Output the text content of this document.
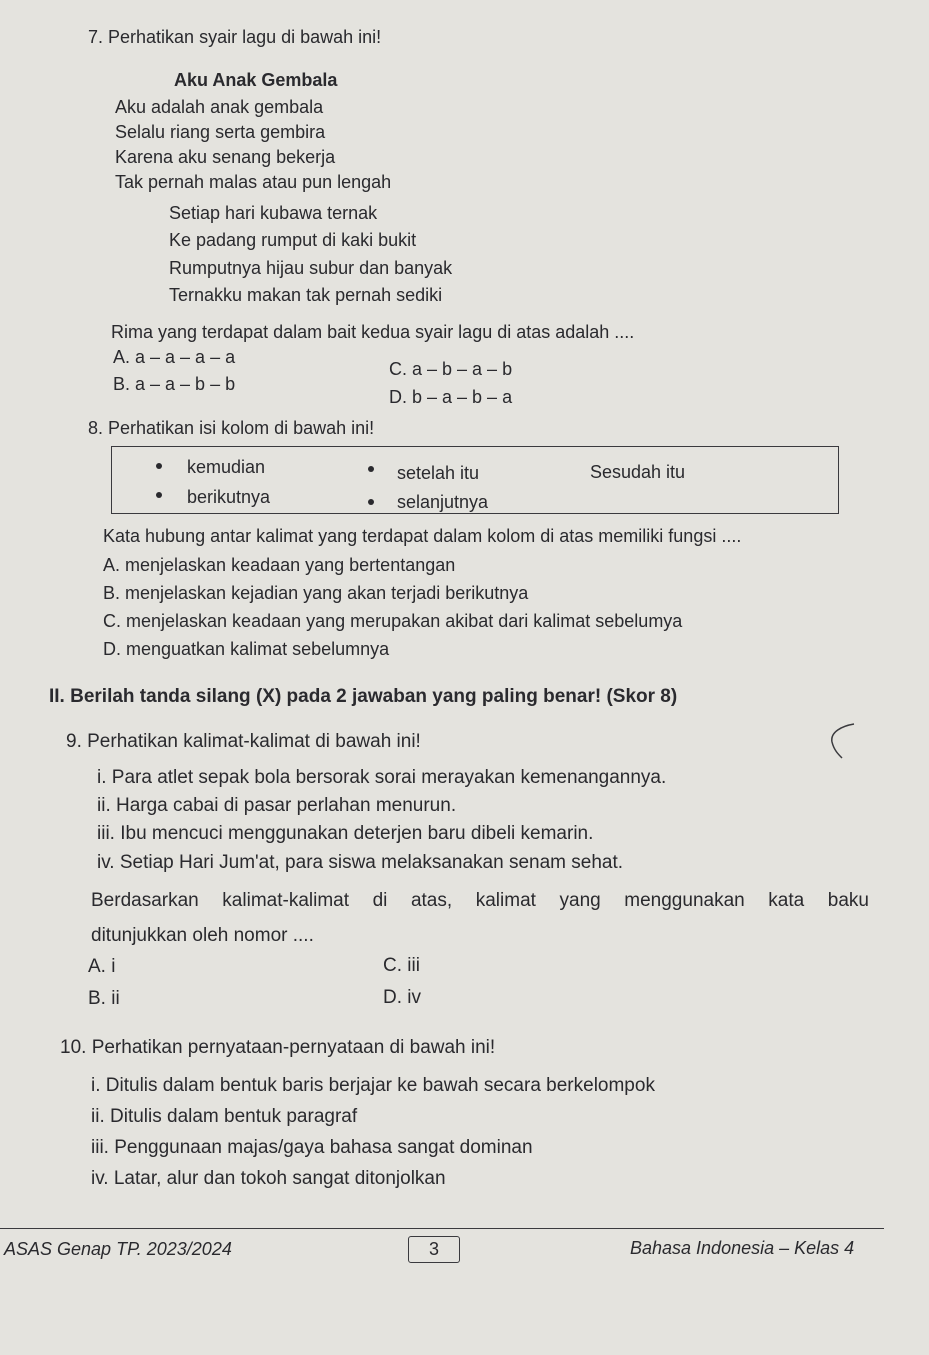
7. Perhatikan syair lagu di bawah ini!
Aku Anak Gembala
Aku adalah anak gembala
Selalu riang serta gembira
Karena aku senang bekerja
Tak pernah malas atau pun lengah
Setiap hari kubawa ternak
Ke padang rumput di kaki bukit
Rumputnya hijau subur dan banyak
Ternakku makan tak pernah sediki
Rima yang terdapat dalam bait kedua syair lagu di atas adalah ....
A. a – a – a – a
B. a – a – b – b
C. a – b – a – b
D. b – a – b – a
8. Perhatikan isi kolom di bawah ini!
kemudian	setelah itu	Sesudah itu
berikutnya	selanjutnya
Kata hubung antar kalimat yang terdapat dalam kolom di atas memiliki fungsi ....
A. menjelaskan keadaan yang bertentangan
B. menjelaskan kejadian yang akan terjadi berikutnya
C. menjelaskan keadaan yang merupakan akibat dari kalimat sebelumya
D. menguatkan kalimat sebelumnya
II. Berilah tanda silang (X) pada 2 jawaban yang paling benar! (Skor 8)
9. Perhatikan kalimat-kalimat di bawah ini!
i. Para atlet sepak bola bersorak sorai merayakan kemenangannya.
ii. Harga cabai di pasar perlahan menurun.
iii. Ibu mencuci menggunakan deterjen baru dibeli kemarin.
iv. Setiap Hari Jum'at, para siswa melaksanakan senam sehat.
Berdasarkan kalimat-kalimat di atas, kalimat yang menggunakan kata baku
ditunjukkan oleh nomor ....
A. i
B. ii
C. iii
D. iv
10. Perhatikan pernyataan-pernyataan di bawah ini!
i. Ditulis dalam bentuk baris berjajar ke bawah secara berkelompok
ii. Ditulis dalam bentuk paragraf
iii. Penggunaan majas/gaya bahasa sangat dominan
iv. Latar, alur dan tokoh sangat ditonjolkan
ASAS Genap TP. 2023/2024	3	Bahasa Indonesia – Kelas 4
